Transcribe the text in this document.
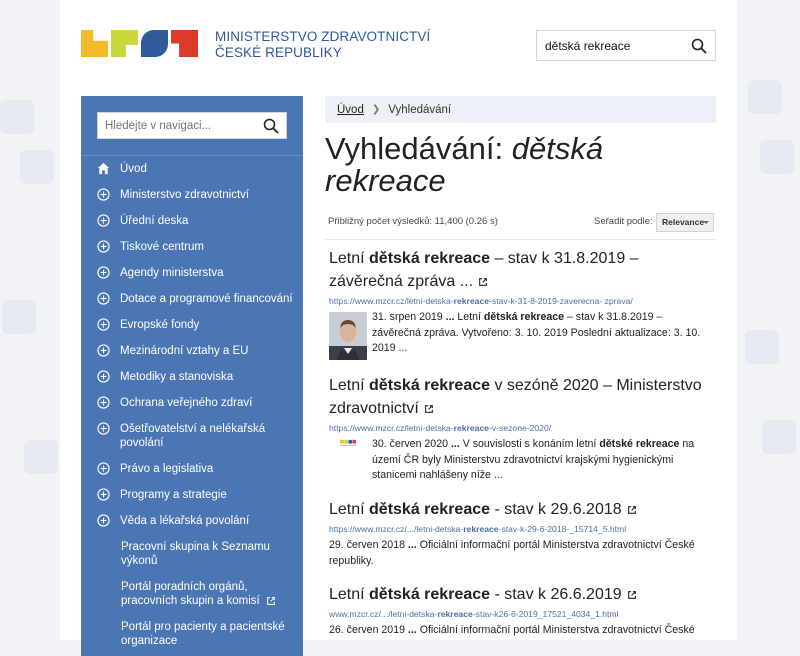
MINISTERSTVO ZDRAVOTNICTVÍ
ČESKÉ REPUBLIKY
dětská rekreace
Hledejte v navigaci...
Úvod
Ministerstvo zdravotnictví
Úřední deska
Tiskové centrum
Agendy ministerstva
Dotace a programové financování
Evropské fondy
Mezinárodní vztahy a EU
Metodiky a stanoviska
Ochrana veřejného zdraví
Ošetřovatelství a nelékařská povolání
Právo a legislativa
Programy a strategie
Věda a lékařská povolání
Pracovní skupina k Seznamu výkonů
Portál poradních orgánů, pracovních skupin a komisí
Portál pro pacienty a pacientské organizace
Úvod ❯ Vyhledávání
Vyhledávání: dětská rekreace
Přibližný počet výsledků: 11,400 (0.26 s)	Seřadit podle:	Relevance
Letní dětská rekreace – stav k 31.8.2019 – závěrečná zpráva ...
https://www.mzcr.cz/letni-detska-rekreace-stav-k-31-8-2019-zaverecna- zprava/
31. srpen 2019 ... Letní dětská rekreace – stav k 31.8.2019 – závěrečná zpráva. Vytvořeno: 3. 10. 2019 Poslední aktualizace: 3. 10. 2019 ...
Letní dětská rekreace v sezóně 2020 – Ministerstvo zdravotnictví
https://www.mzcr.cz/letni-detska-rekreace-v-sezone-2020/
30. červen 2020 ... V souvislosti s konáním letní dětské rekreace na území ČR byly Ministerstvu zdravotnictví krajskými hygienickými stanicemi nahlášeny níže ...
Letní dětská rekreace - stav k 29.6.2018
https://www.mzcr.cz/.../letni-detska-rekreace-stav-k-29-6-2018-_15714_5.html
29. červen 2018 ... Oficiální informační portál Ministerstva zdravotnictví České republiky.
Letní dětská rekreace - stav k 26.6.2019
www.mzcr.cz/.../letni-detska-rekreace-stav-k26-6-2019_17521_4034_1.html
26. červen 2019 ... Oficiální informační portál Ministerstva zdravotnictví České
